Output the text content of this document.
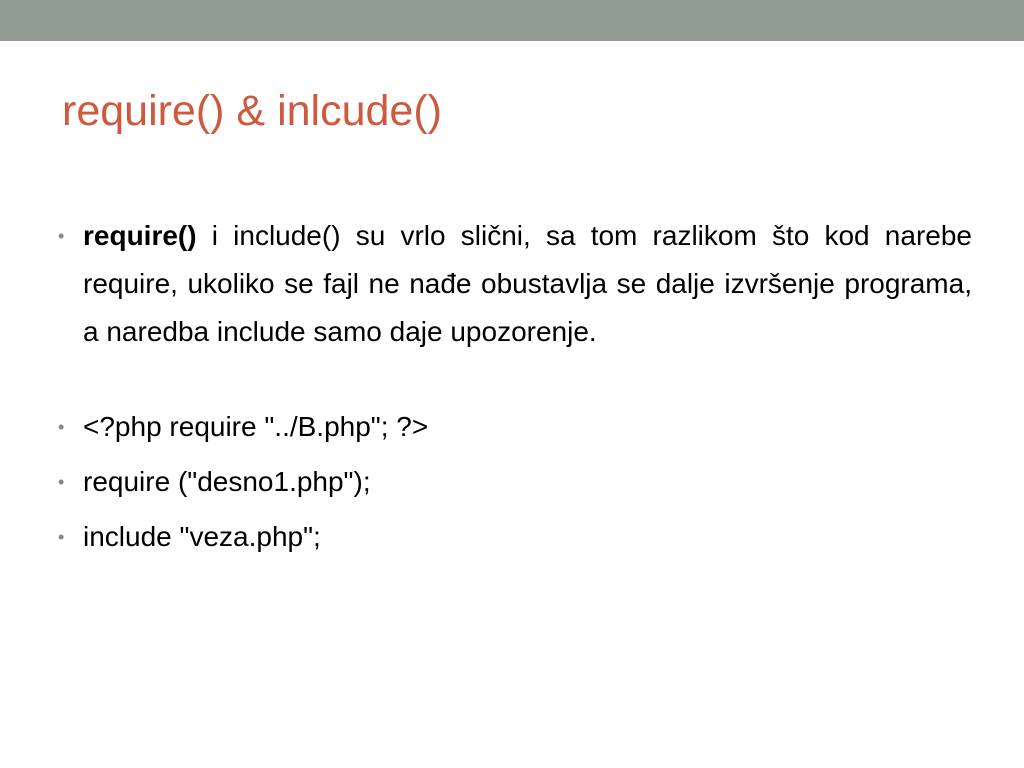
require() & inlcude()
• require() i include() su vrlo slični, sa tom razlikom što kod narebe require, ukoliko se fajl ne nađe obustavlja se dalje izvršenje programa, a naredba include samo daje upozorenje.
• <?php require "../B.php"; ?>
• require ("desno1.php");
• include "veza.php";
